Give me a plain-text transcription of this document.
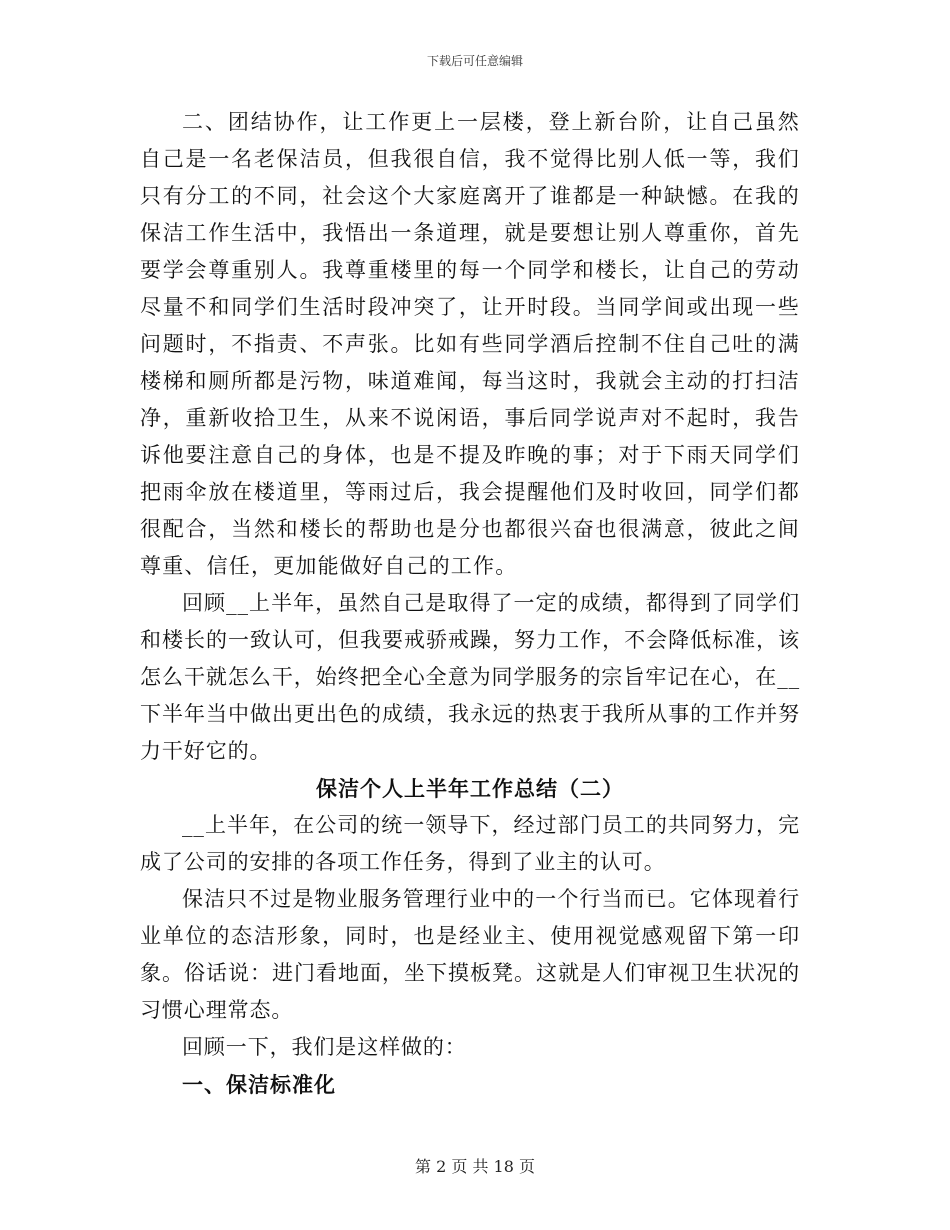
下载后可任意编辑

二、团结协作，让工作更上一层楼，登上新台阶，让自己虽然自己是一名老保洁员，但我很自信，我不觉得比别人低一等，我们只有分工的不同，社会这个大家庭离开了谁都是一种缺憾。在我的保洁工作生活中，我悟出一条道理，就是要想让别人尊重你，首先要学会尊重别人。我尊重楼里的每一个同学和楼长，让自己的劳动尽量不和同学们生活时段冲突了，让开时段。当同学间或出现一些问题时，不指责、不声张。比如有些同学酒后控制不住自己吐的满楼梯和厕所都是污物，味道难闻，每当这时，我就会主动的打扫洁净，重新收拾卫生，从来不说闲语，事后同学说声对不起时，我告诉他要注意自己的身体，也是不提及昨晚的事；对于下雨天同学们把雨伞放在楼道里，等雨过后，我会提醒他们及时收回，同学们都很配合，当然和楼长的帮助也是分也都很兴奋也很满意，彼此之间尊重、信任，更加能做好自己的工作。

回顾__上半年，虽然自己是取得了一定的成绩，都得到了同学们和楼长的一致认可，但我要戒骄戒躁，努力工作，不会降低标准，该怎么干就怎么干，始终把全心全意为同学服务的宗旨牢记在心，在__下半年当中做出更出色的成绩，我永远的热衷于我所从事的工作并努力干好它的。

保洁个人上半年工作总结（二）

__上半年，在公司的统一领导下，经过部门员工的共同努力，完成了公司的安排的各项工作任务，得到了业主的认可。

保洁只不过是物业服务管理行业中的一个行当而已。它体现着行业单位的态洁形象，同时，也是经业主、使用视觉感观留下第一印象。俗话说：进门看地面，坐下摸板凳。这就是人们审视卫生状况的习惯心理常态。

回顾一下，我们是这样做的：

一、保洁标准化
第 2 页 共 18 页
